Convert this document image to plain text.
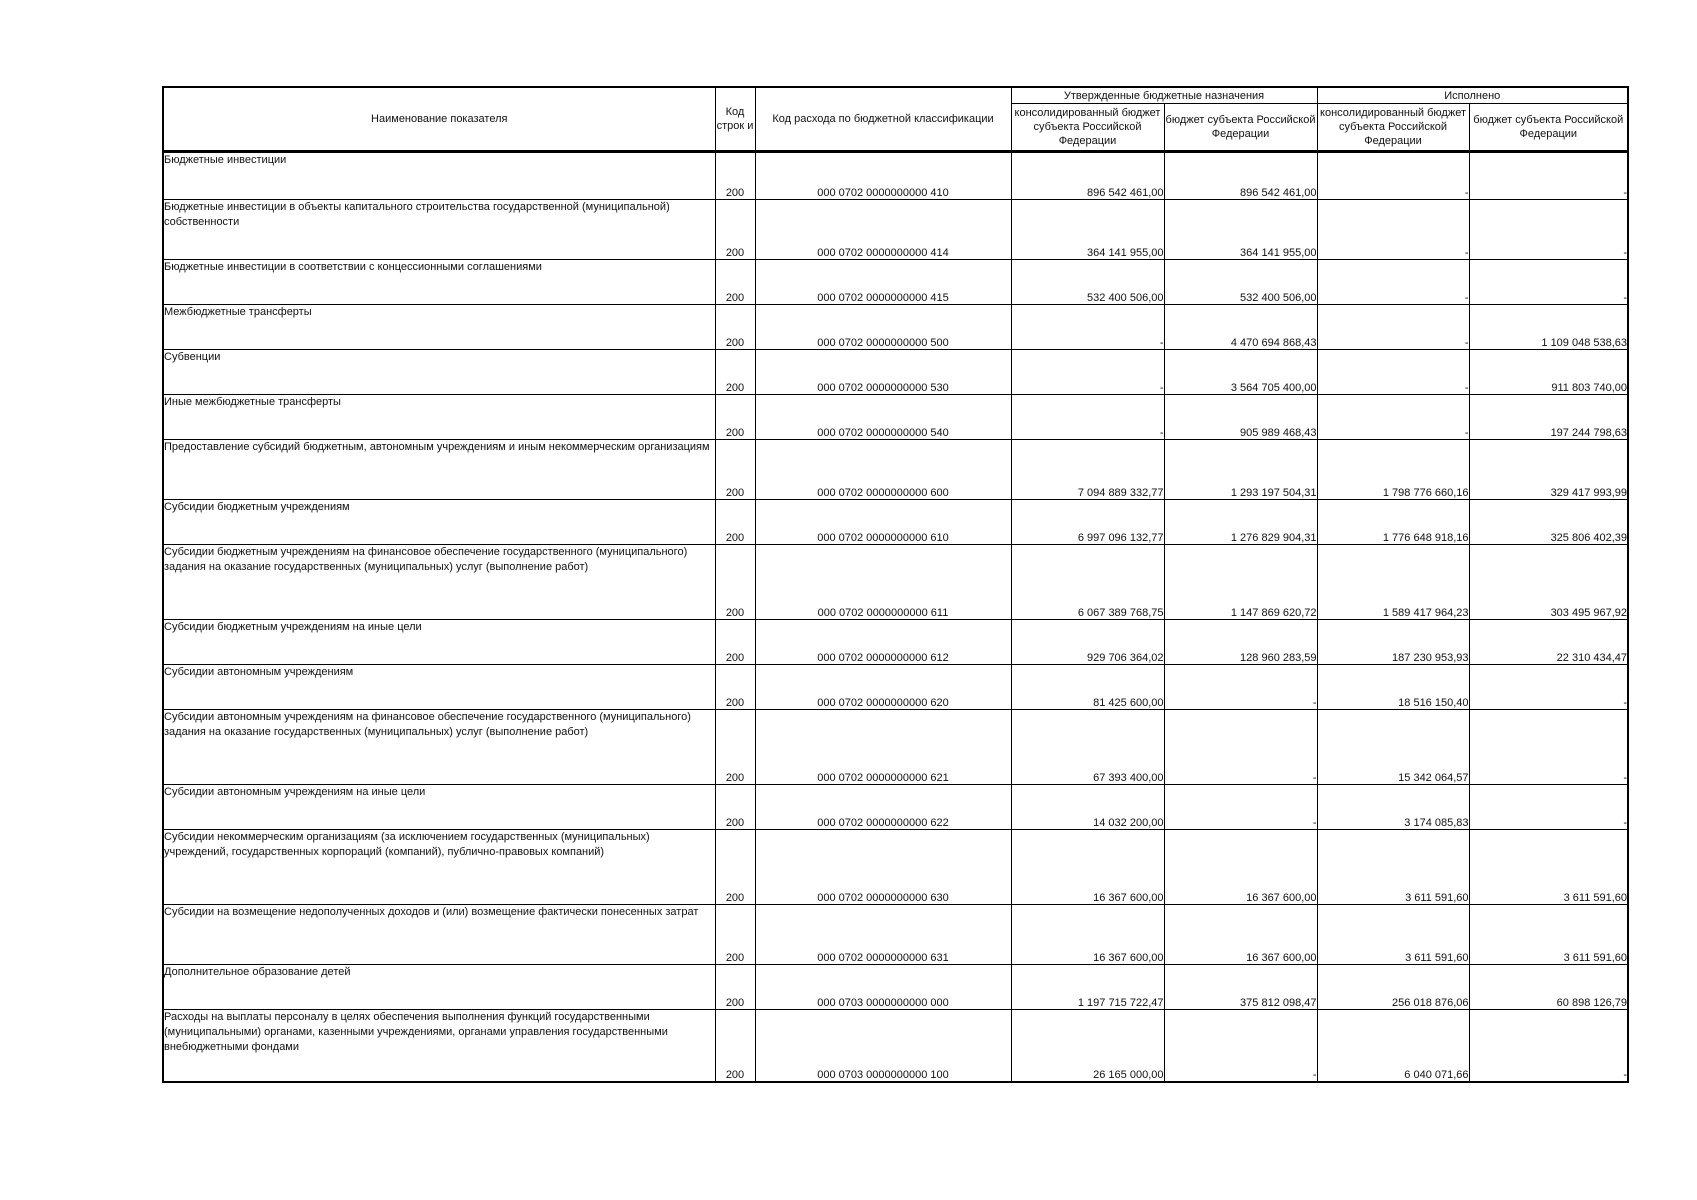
Наименование показателя	Код строк и	Код расхода по бюджетной классификации	Утвержденные бюджетные назначения		Исполнено	
			консолидированный бюджет субъекта Российской Федерации	бюджет субъекта Российской Федерации	консолидированный бюджет субъекта Российской Федерации	бюджет субъекта Российской Федерации
Бюджетные инвестиции	200	000 0702 0000000000 410	896 542 461,00	896 542 461,00	-	-
Бюджетные инвестиции в объекты капитального строительства государственной (муниципальной) собственности	200	000 0702 0000000000 414	364 141 955,00	364 141 955,00	-	-
Бюджетные инвестиции в соответствии с концессионными соглашениями	200	000 0702 0000000000 415	532 400 506,00	532 400 506,00	-	-
Межбюджетные трансферты	200	000 0702 0000000000 500	-	4 470 694 868,43	-	1 109 048 538,63
Субвенции	200	000 0702 0000000000 530	-	3 564 705 400,00	-	911 803 740,00
Иные межбюджетные трансферты	200	000 0702 0000000000 540	-	905 989 468,43	-	197 244 798,63
Предоставление субсидий бюджетным, автономным учреждениям и иным некоммерческим организациям	200	000 0702 0000000000 600	7 094 889 332,77	1 293 197 504,31	1 798 776 660,16	329 417 993,99
Субсидии бюджетным учреждениям	200	000 0702 0000000000 610	6 997 096 132,77	1 276 829 904,31	1 776 648 918,16	325 806 402,39
Субсидии бюджетным учреждениям на финансовое обеспечение государственного (муниципального) задания на оказание государственных (муниципальных) услуг (выполнение работ)	200	000 0702 0000000000 611	6 067 389 768,75	1 147 869 620,72	1 589 417 964,23	303 495 967,92
Субсидии бюджетным учреждениям на иные цели	200	000 0702 0000000000 612	929 706 364,02	128 960 283,59	187 230 953,93	22 310 434,47
Субсидии автономным учреждениям	200	000 0702 0000000000 620	81 425 600,00	-	18 516 150,40	-
Субсидии автономным учреждениям на финансовое обеспечение государственного (муниципального) задания на оказание государственных (муниципальных) услуг (выполнение работ)	200	000 0702 0000000000 621	67 393 400,00	-	15 342 064,57	-
Субсидии автономным учреждениям на иные цели	200	000 0702 0000000000 622	14 032 200,00	-	3 174 085,83	-
Субсидии некоммерческим организациям (за исключением государственных (муниципальных) учреждений, государственных корпораций (компаний), публично-правовых компаний)	200	000 0702 0000000000 630	16 367 600,00	16 367 600,00	3 611 591,60	3 611 591,60
Субсидии на возмещение недополученных доходов и (или) возмещение фактически понесенных затрат	200	000 0702 0000000000 631	16 367 600,00	16 367 600,00	3 611 591,60	3 611 591,60
Дополнительное образование детей	200	000 0703 0000000000 000	1 197 715 722,47	375 812 098,47	256 018 876,06	60 898 126,79
Расходы на выплаты персоналу в целях обеспечения выполнения функций государственными (муниципальными) органами, казенными учреждениями, органами управления государственными внебюджетными фондами	200	000 0703 0000000000 100	26 165 000,00	-	6 040 071,66	-
